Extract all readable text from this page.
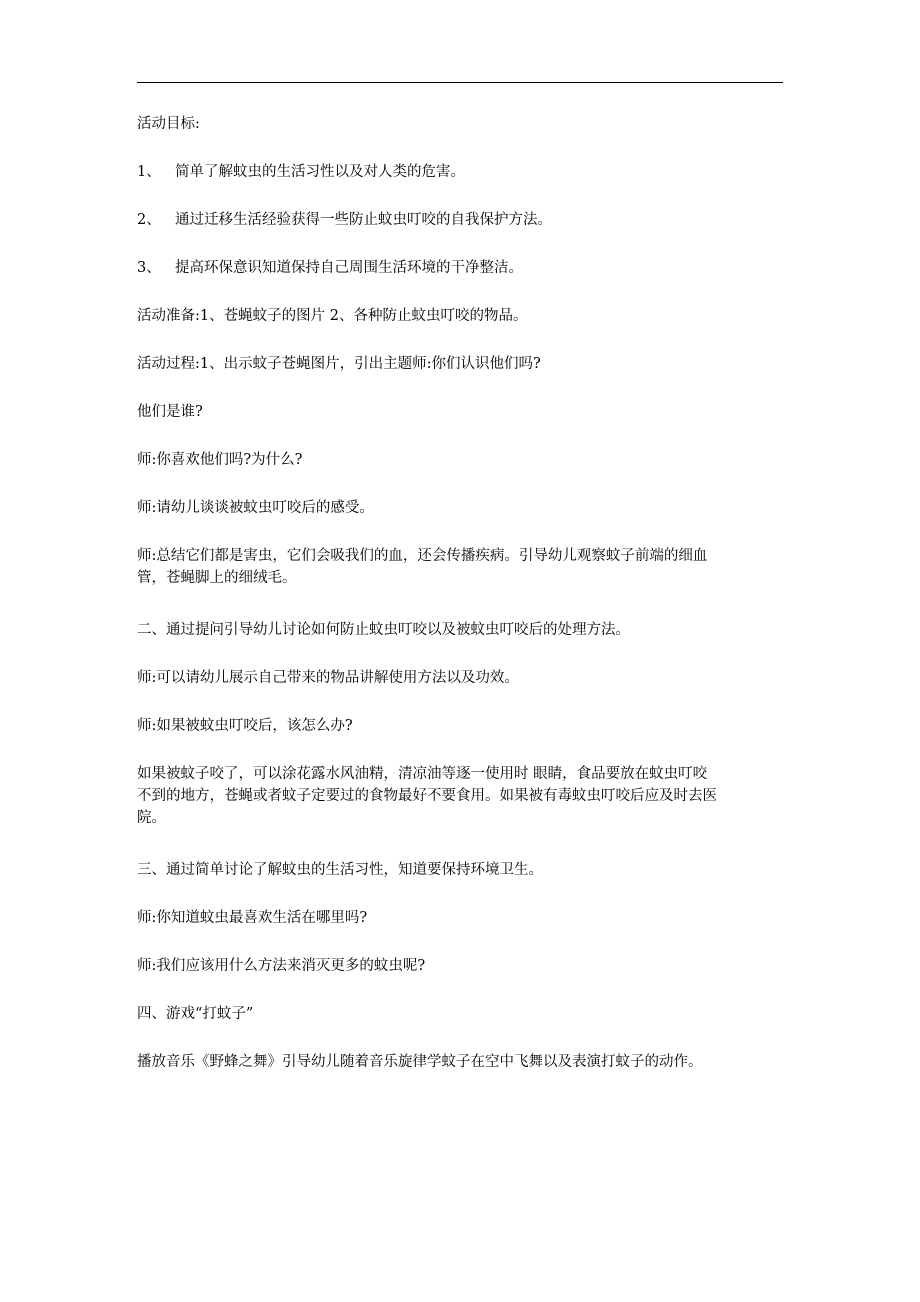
活动目标:
1、 简单了解蚊虫的生活习性以及对人类的危害。
2、 通过迁移生活经验获得一些防止蚊虫叮咬的自我保护方法。
3、 提高环保意识知道保持自己周围生活环境的干净整洁。
活动准备:1、苍蝇蚊子的图片 2、各种防止蚊虫叮咬的物品。
活动过程:1、出示蚊子苍蝇图片，引出主题师:你们认识他们吗?
他们是谁?
师:你喜欢他们吗?为什么?
师:请幼儿谈谈被蚊虫叮咬后的感受。
师:总结它们都是害虫，它们会吸我们的血，还会传播疾病。引导幼儿观察蚊子前端的细血
管，苍蝇脚上的细绒毛。
二、通过提问引导幼儿讨论如何防止蚊虫叮咬以及被蚊虫叮咬后的处理方法。
师:可以请幼儿展示自己带来的物品讲解使用方法以及功效。
师:如果被蚊虫叮咬后，该怎么办?
如果被蚊子咬了，可以涂花露水风油精，清凉油等逐一使用时 眼睛，食品要放在蚊虫叮咬
不到的地方，苍蝇或者蚊子定要过的食物最好不要食用。如果被有毒蚊虫叮咬后应及时去医
院。
三、通过简单讨论了解蚊虫的生活习性，知道要保持环境卫生。
师:你知道蚊虫最喜欢生活在哪里吗?
师:我们应该用什么方法来消灭更多的蚊虫呢?
四、游戏“打蚊子”
播放音乐《野蜂之舞》引导幼儿随着音乐旋律学蚊子在空中飞舞以及表演打蚊子的动作。
